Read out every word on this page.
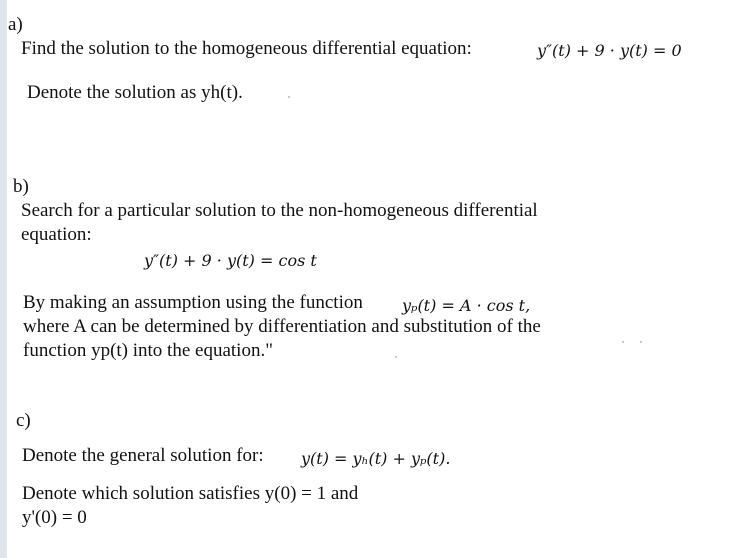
a)
Find the solution to the homogeneous differential equation:	y″(t) + 9 · y(t) = 0
Denote the solution as yh(t).
b)
Search for a particular solution to the non-homogeneous differential
equation:
y″(t) + 9 · y(t) = cos t
By making an assumption using the function yₚ(t) = A · cos t,
where A can be determined by differentiation and substitution of the
function yp(t) into the equation."
c)
Denote the general solution for: y(t) = yₕ(t) + yₚ(t).
Denote which solution satisfies y(0) = 1 and
y'(0) = 0
